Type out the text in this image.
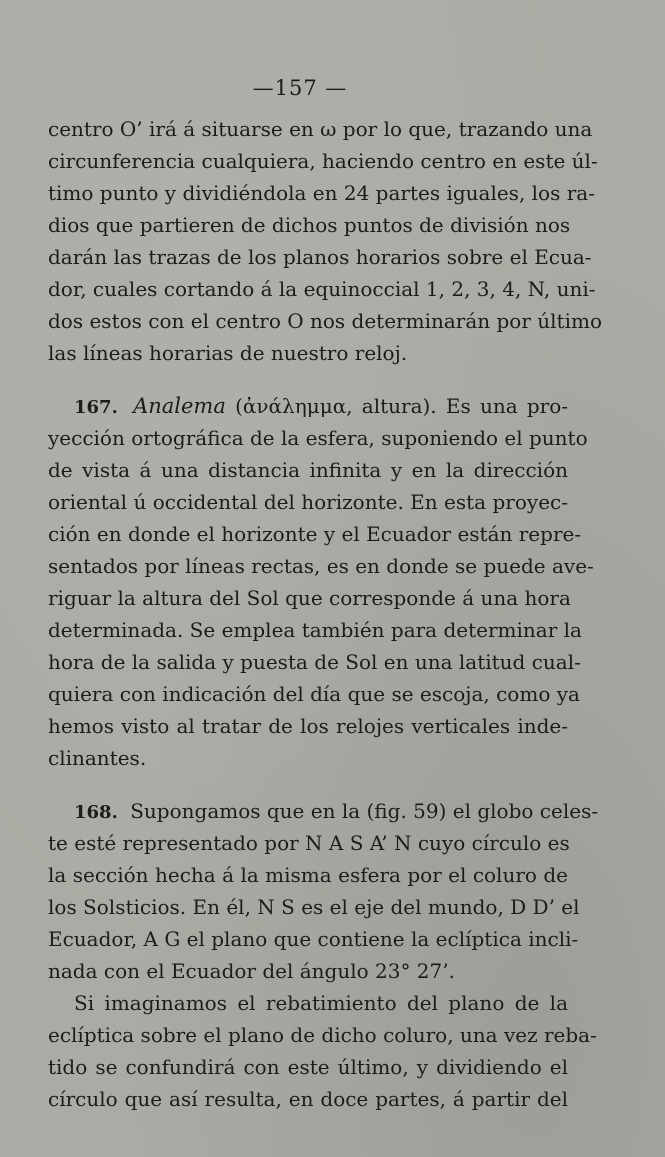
—157 —
centro O’ irá á situarse en ω por lo que, trazando una
circunferencia cualquiera, haciendo centro en este úl-
timo punto y dividiéndola en 24 partes iguales, los ra-
dios que partieren de dichos puntos de división nos
darán las trazas de los planos horarios sobre el Ecua-
dor, cuales cortando á la equinoccial 1, 2, 3, 4, N, uni-
dos estos con el centro O nos determinarán por último
las líneas horarias de nuestro reloj.
167. Analema (ἀνάλημμα, altura). Es una pro-
yección ortográfica de la esfera, suponiendo el punto
de vista á una distancia infinita y en la dirección
oriental ú occidental del horizonte. En esta proyec-
ción en donde el horizonte y el Ecuador están repre-
sentados por líneas rectas, es en donde se puede ave-
riguar la altura del Sol que corresponde á una hora
determinada. Se emplea también para determinar la
hora de la salida y puesta de Sol en una latitud cual-
quiera con indicación del día que se escoja, como ya
hemos visto al tratar de los relojes verticales inde-
clinantes.
168. Supongamos que en la (fig. 59) el globo celes-
te esté representado por N A S A’ N cuyo círculo es
la sección hecha á la misma esfera por el coluro de
los Solsticios. En él, N S es el eje del mundo, D D’ el
Ecuador, A G el plano que contiene la eclíptica incli-
nada con el Ecuador del ángulo 23° 27’.
Si imaginamos el rebatimiento del plano de la
eclíptica sobre el plano de dicho coluro, una vez reba-
tido se confundirá con este último, y dividiendo el
círculo que así resulta, en doce partes, á partir del
